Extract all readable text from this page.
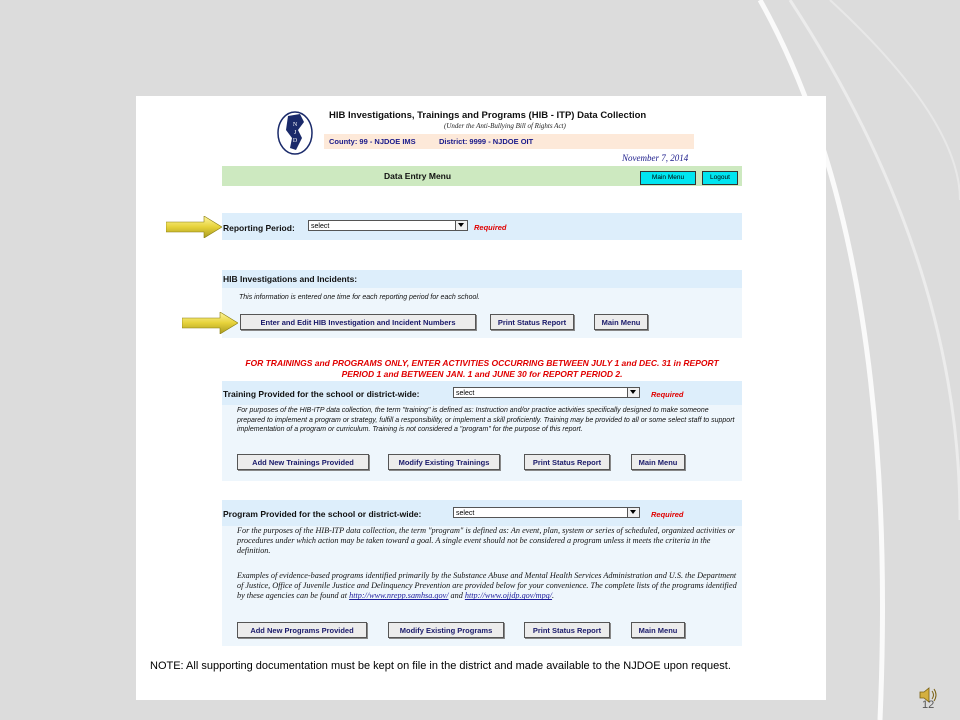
N
J
D
HIB Investigations, Trainings and Programs (HIB - ITP) Data Collection
(Under the Anti-Bullying Bill of Rights Act)
County: 99 - NJDOE IMS	District: 9999 - NJDOE OIT
November 7, 2014
Data Entry Menu	Main Menu	Logout
Reporting Period:	select	Required
HIB Investigations and Incidents:
This information is entered one time for each reporting period for each school.
Enter and Edit HIB Investigation and Incident Numbers	Print Status Report	Main Menu
FOR TRAININGS and PROGRAMS ONLY, ENTER ACTIVITIES OCCURRING BETWEEN JULY 1 and DEC. 31 in REPORT
PERIOD 1 and BETWEEN JAN. 1 and JUNE 30 for REPORT PERIOD 2.
Training Provided for the school or district-wide:	select	Required
For purposes of the HIB-ITP data collection, the term "training" is defined as: Instruction and/or practice activities specifically designed to make someone prepared to implement a program or strategy, fulfill a responsibility, or implement a skill proficiently. Training may be provided to all or some select staff to support implementation of a program or curriculum. Training is not considered a "program" for the purpose of this report.
Add New Trainings Provided	Modify Existing Trainings	Print Status Report	Main Menu
Program Provided for the school or district-wide:	select	Required
For the purposes of the HIB-ITP data collection, the term "program" is defined as: An event, plan, system or series of scheduled, organized activities or procedures under which action may be taken toward a goal. A single event should not be considered a program unless it meets the criteria in the definition.
Examples of evidence-based programs identified primarily by the Substance Abuse and Mental Health Services Administration and U.S. the Department of Justice, Office of Juvenile Justice and Delinquency Prevention are provided below for your convenience. The complete lists of the programs identified by these agencies can be found at http://www.nrepp.samhsa.gov/ and http://www.ojjdp.gov/mpg/.
Add New Programs Provided	Modify Existing Programs	Print Status Report	Main Menu
NOTE: All supporting documentation must be kept on file in the district and made available to the NJDOE upon request.
12
